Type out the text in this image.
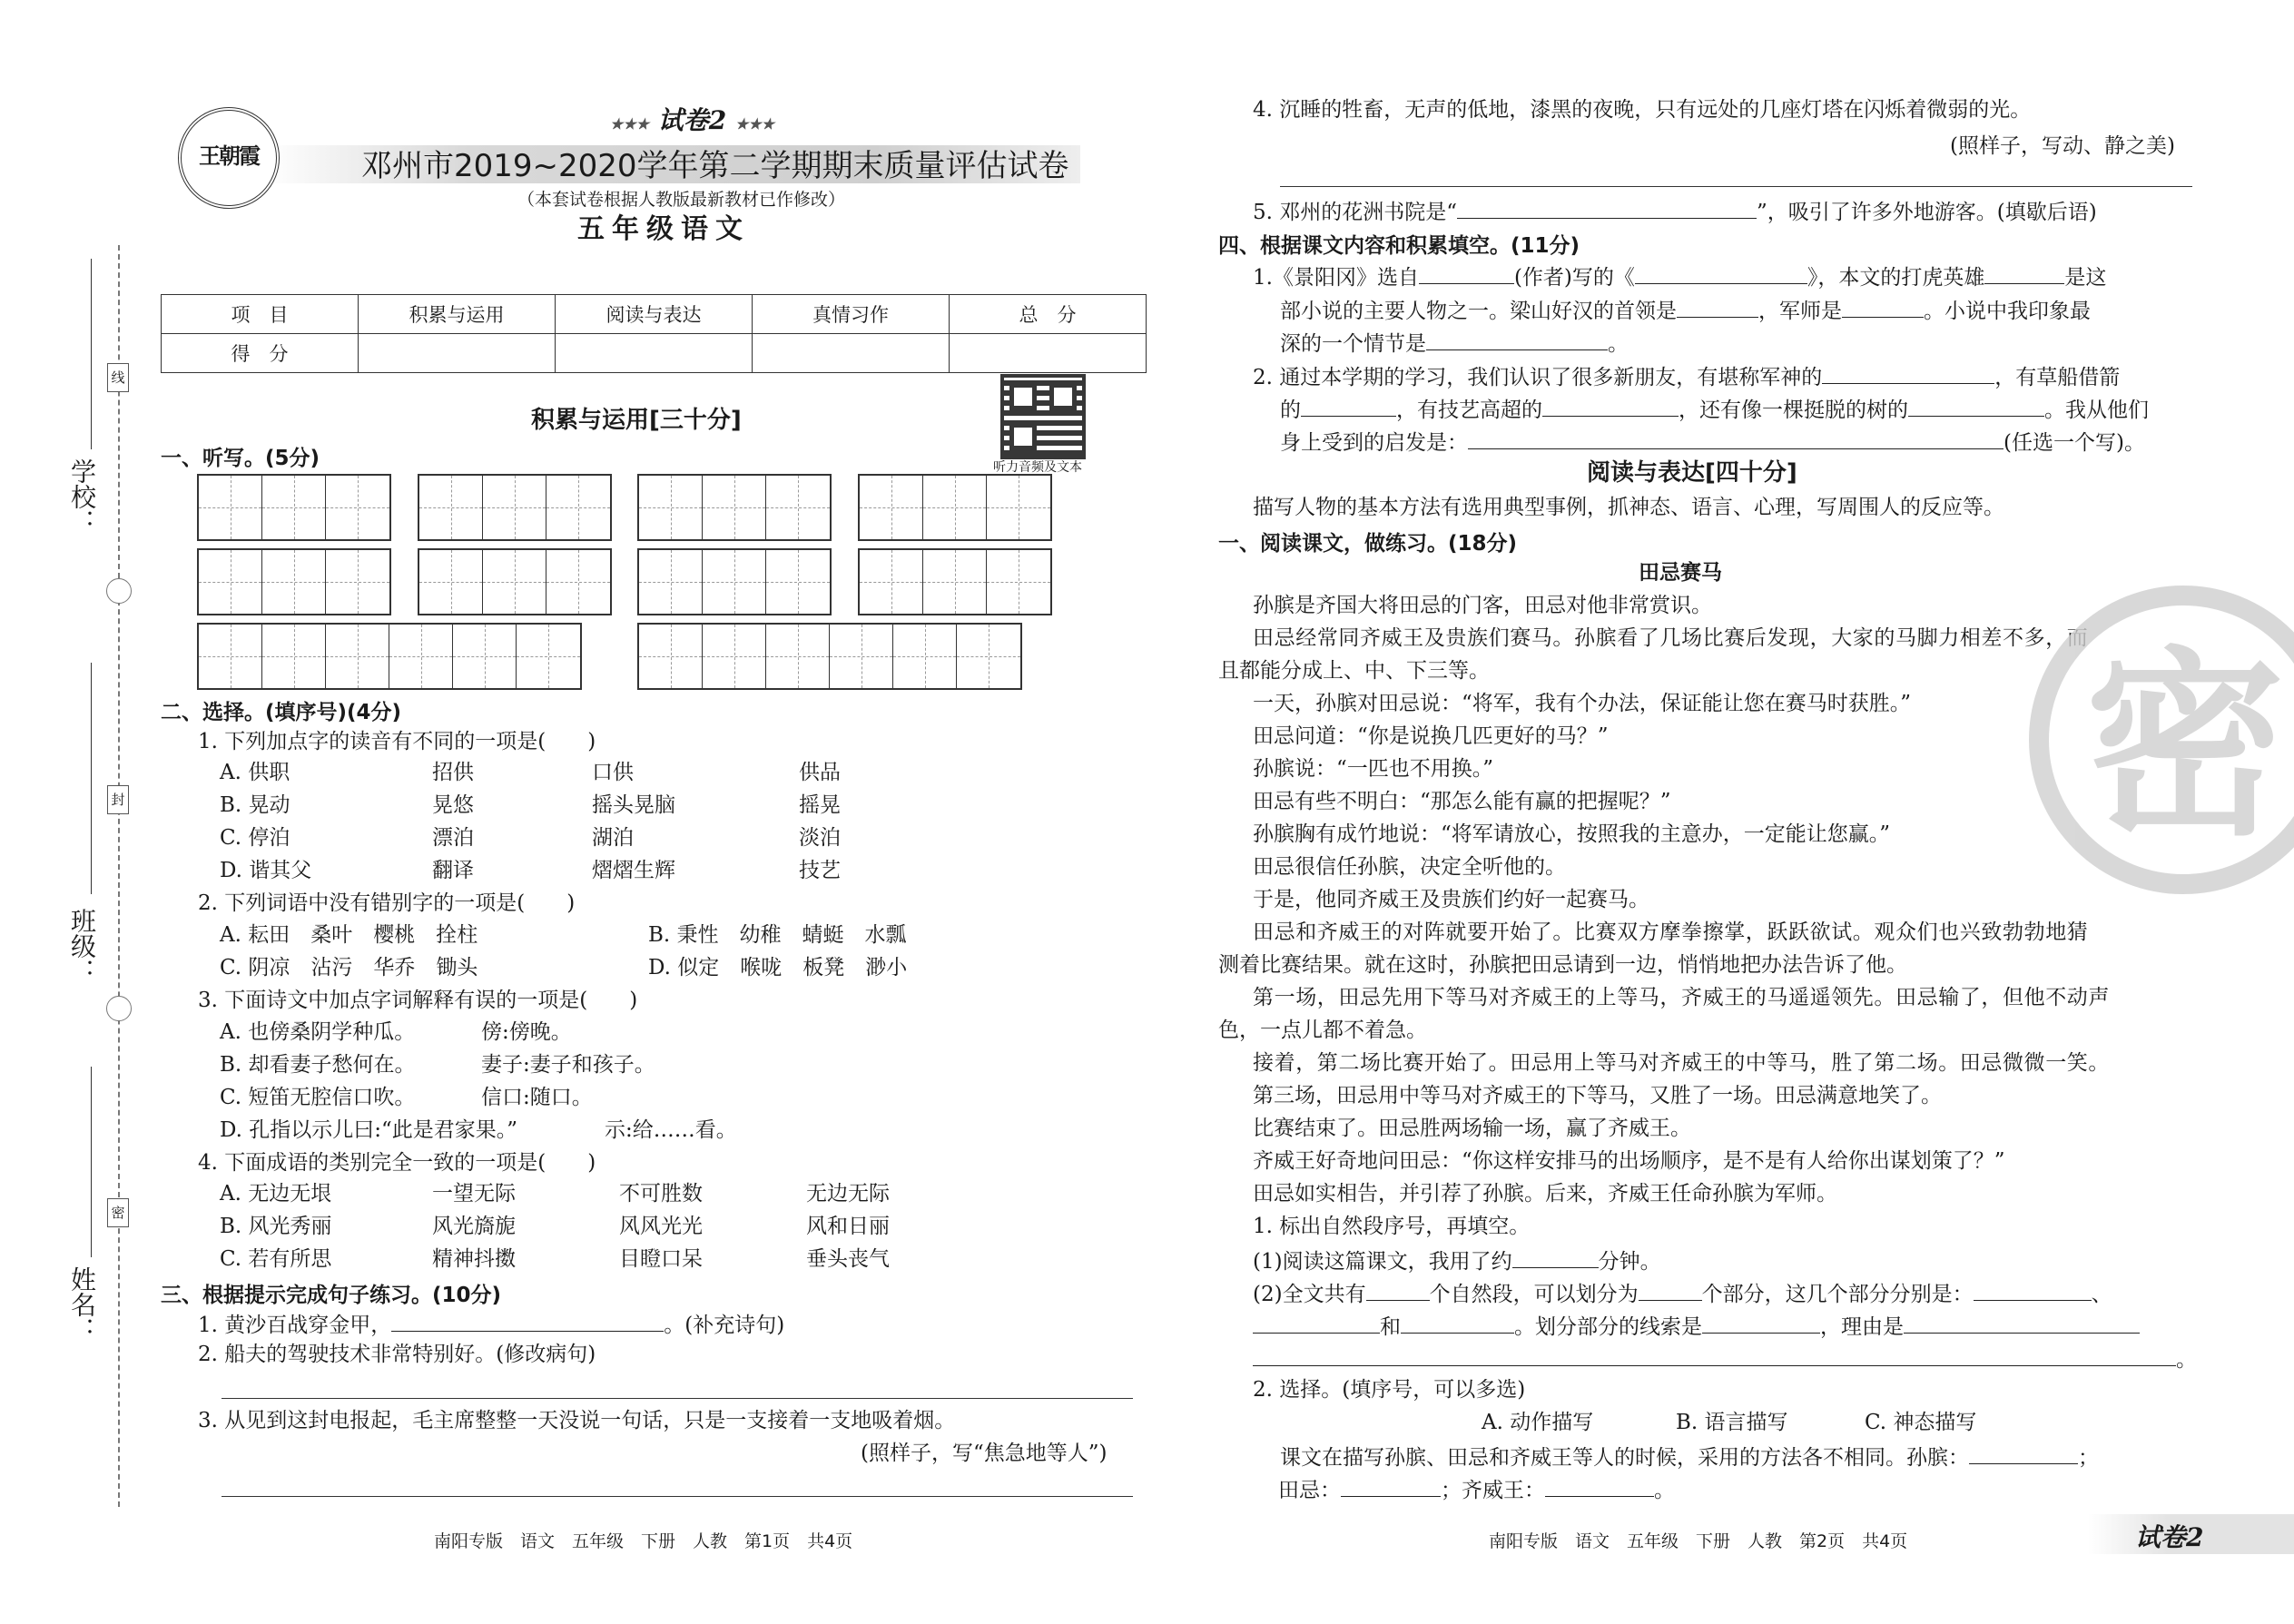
线
封
密
学校：
班级：
姓名：
王朝霞
★★★ 试卷2 ★★★
邓州市2019~2020学年第二学期期末质量评估试卷
（本套试卷根据人教版最新教材已作修改）
五年级语文
项　目	积累与运用	阅读与表达	真情习作	总　分
得　分				
听力音频及文本
积累与运用[三十分]
一、听写。(5分)
二、选择。(填序号)(4分)
1. 下列加点字的读音有不同的一项是(　　)
A. 供职	招供	口供	供品
B. 晃动	晃悠	摇头晃脑	摇晃
C. 停泊	漂泊	湖泊	淡泊
D. 谐其父	翻译	熠熠生辉	技艺
2. 下列词语中没有错别字的一项是(　　)
A. 耘田　桑叶　樱桃　拴柱	B. 秉性　幼稚　蜻蜓　水瓢
C. 阴凉　沾污　华乔　锄头	D. 似定　喉咙　板凳　渺小
3. 下面诗文中加点字词解释有误的一项是(　　)
A. 也傍桑阴学种瓜。	傍:傍晚。
B. 却看妻子愁何在。	妻子:妻子和孩子。
C. 短笛无腔信口吹。	信口:随口。
D. 孔指以示儿曰:“此是君家果。”	示:给……看。
4. 下面成语的类别完全一致的一项是(　　)
A. 无边无垠	一望无际	不可胜数	无边无际
B. 风光秀丽	风光旖旎	风风光光	风和日丽
C. 若有所思	精神抖擞	目瞪口呆	垂头丧气
三、根据提示完成句子练习。(10分)
1. 黄沙百战穿金甲，	。(补充诗句)
2. 船夫的驾驶技术非常特别好。(修改病句)
3. 从见到这封电报起，毛主席整整一天没说一句话，只是一支接着一支地吸着烟。
(照样子，写“焦急地等人”)
南阳专版　语文　五年级　下册　人教　第1页　共4页
4. 沉睡的牲畜，无声的低地，漆黑的夜晚，只有远处的几座灯塔在闪烁着微弱的光。
(照样子，写动、静之美)
5. 邓州的花洲书院是“	”，吸引了许多外地游客。(填歇后语)
四、根据课文内容和积累填空。(11分)
1.《景阳冈》选自	(作者)写的《	》，本文的打虎英雄	是这
部小说的主要人物之一。梁山好汉的首领是	，军师是	。小说中我印象最
深的一个情节是	。
2. 通过本学期的学习，我们认识了很多新朋友，有堪称军神的	，有草船借箭
的	，有技艺高超的	，还有像一棵挺脱的树的	。我从他们
身上受到的启发是：	(任选一个写)。
阅读与表达[四十分]
描写人物的基本方法有选用典型事例，抓神态、语言、心理，写周围人的反应等。
一、阅读课文，做练习。(18分)
田忌赛马
孙膑是齐国大将田忌的门客，田忌对他非常赏识。
田忌经常同齐威王及贵族们赛马。孙膑看了几场比赛后发现，大家的马脚力相差不多，而
且都能分成上、中、下三等。
一天，孙膑对田忌说：“将军，我有个办法，保证能让您在赛马时获胜。”
田忌问道：“你是说换几匹更好的马？”
孙膑说：“一匹也不用换。”
田忌有些不明白：“那怎么能有赢的把握呢？”
孙膑胸有成竹地说：“将军请放心，按照我的主意办，一定能让您赢。”
田忌很信任孙膑，决定全听他的。
于是，他同齐威王及贵族们约好一起赛马。
田忌和齐威王的对阵就要开始了。比赛双方摩拳擦掌，跃跃欲试。观众们也兴致勃勃地猜
测着比赛结果。就在这时，孙膑把田忌请到一边，悄悄地把办法告诉了他。
第一场，田忌先用下等马对齐威王的上等马，齐威王的马遥遥领先。田忌输了，但他不动声
色，一点儿都不着急。
接着，第二场比赛开始了。田忌用上等马对齐威王的中等马，胜了第二场。田忌微微一笑。
第三场，田忌用中等马对齐威王的下等马，又胜了一场。田忌满意地笑了。
比赛结束了。田忌胜两场输一场，赢了齐威王。
齐威王好奇地问田忌：“你这样安排马的出场顺序，是不是有人给你出谋划策了？”
田忌如实相告，并引荐了孙膑。后来，齐威王任命孙膑为军师。
1. 标出自然段序号，再填空。
(1)阅读这篇课文，我用了约	分钟。
(2)全文共有	个自然段，可以划分为	个部分，这几个部分分别是：	、
和	。划分部分的线索是	，理由是
。
2. 选择。(填序号，可以多选)
A. 动作描写	B. 语言描写	C. 神态描写
课文在描写孙膑、田忌和齐威王等人的时候，采用的方法各不相同。孙膑：	；
田忌：	；齐威王：	。
南阳专版　语文　五年级　下册　人教　第2页　共4页	试卷2
密
